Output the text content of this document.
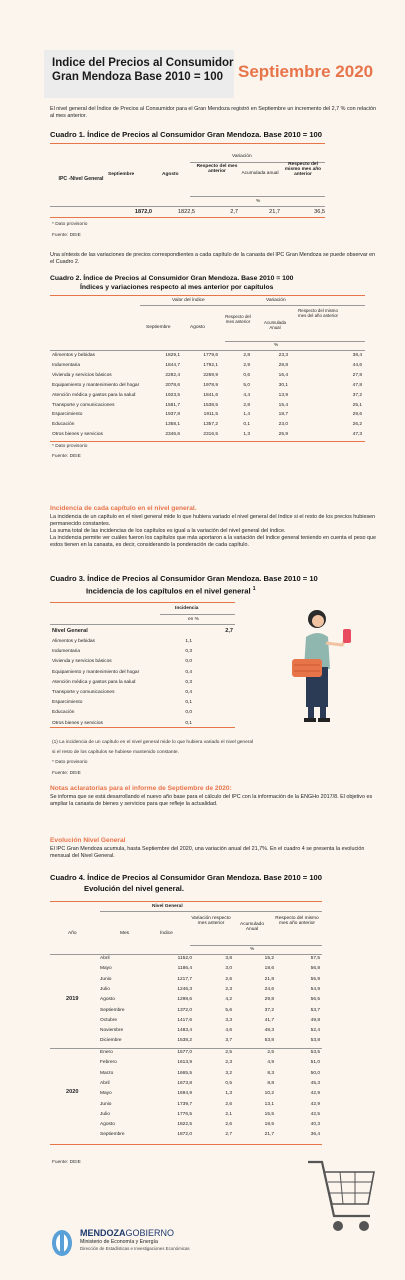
Indice del Precios al Consumidor
Gran Mendoza Base 2010 = 100 Septiembre 2020

El nivel general del Índice de Precios al Consumidor para el Gran Mendoza registró en Septiembre un incremento del 2,7 % con relación al mes anterior.

Cuadro 1. Índice de Precios al Consumidor Gran Mendoza. Base 2010 = 100
Variación
IPC -Nivel General
Septiembre	Agosto
Respecto del mes anterior	Acumulada anual
Respecto del mismo mes año anterior
%
1872,0	1822,5	2,7	21,7	36,5
* Dato provisorio
Fuente: DEIE

Una síntesis de las variaciones de precios correspondientes a cada capítulo de la canasta del IPC Gran Mendoza se puede observar en el Cuadro 2.

Cuadro 2. Índice de Precios al Consumidor Gran Mendoza. Base 2010 = 100
Índices y variaciones respecto al mes anterior por capítulos
Valor del índice	Variación
Septiembre	Agosto
Respecto del mes anterior	Acumulada Anual
Respecto del mismo mes del año anterior
%
Alimentos y bebidas	1829,1	1779,6	2,8	23,3	38,4
Indumentaria	1844,7	1792,1	2,9	28,8	44,6
Vivienda y servicios básicos	2282,4	2269,9	0,6	16,4	27,8
Equipamiento y mantenimiento del hogar	2078,6	1978,9	5,0	30,1	47,8
Atención médica y gastos para la salud	1923,5	1841,6	4,4	13,9	37,2
Transporte y comunicaciones	1581,7	1538,5	2,8	15,4	25,1
Esparcimiento	1937,8	1911,5	1,4	18,7	29,6
Educación	1358,1	1357,2	0,1	23,0	26,2
Otros bienes y servicios	2346,6	2316,5	1,3	25,9	47,3
* Dato provisorio
Fuente: DEIE
Incidencia de cada capítulo en el nivel general.

La incidencia de un capítulo en el nivel general mide lo que hubiera variado el nivel general del índice si el resto de los precios hubiesen permanecido constantes.

La suma total de las incidencias de los capítulos es igual a la variación del nivel general del índice.

La incidencia permite ver cuáles fueron los capítulos que más aportaron a la variación del índice general teniendo en cuenta el peso que estos tienen en la canasta, es decir, considerando la ponderación de cada capítulo.

Cuadro 3. Índice de Precios al Consumidor Gran Mendoza. Base 2010 = 10
Incidencia de los capítulos en el nivel general $^1$
Incidencia
en %
Nivel General	2,7
Alimentos y bebidas	1,1
Indumentaria	0,3
Vivienda y servicios básicos	0,0
Equipamiento y mantenimiento del hogar	0,4
Atención médica y gastos para la salud	0,3
Transporte y comunicaciones	0,4
Esparcimiento	0,1
Educación	0,0
Otros bienes y servicios	0,1
(1) La incidencia de un capítulo en el nivel general mide lo que hubiera variado el nivel general
si el resto de los capítulos se hubiese mantenido constante.
* Dato provisorio
Fuente: DEIE
Notas aclaratorias para el informe de Septiembre de 2020:

Se informa que se está desarrollando el nuevo año base para el cálculo del IPC con la información de la ENGHo 2017/8. El objetivo es ampliar la canasta de bienes y servicios para que refleje la actualidad.

Evolución Nivel General

El IPC Gran Mendoza acumula, hasta Septiembre del 2020, una variación anual del 21,7%. En el cuadro 4 se presenta la evolución mensual del Nivel General.

Cuadro 4. Índice de Precios al Consumidor Gran Mendoza. Base 2010 = 100
Evolución del nivel general.
Nivel General
Año	Mes	Índice
Variación respecto mes anterior	Acumulado Anual
Respecto del mismo mes año anterior
%
2019
2020
Abril	1152,0	3,8	15,2	57,5
Mayo	1186,4	3,0	18,6	56,8
Junio	1217,7	2,6	21,8	55,9
Julio	1246,3	2,3	24,6	54,9
Agosto	1298,6	4,2	29,8	56,5
Septiembre	1372,0	5,6	37,2	53,7
Octubre	1417,6	3,3	41,7	49,8
Noviembre	1483,4	4,6	48,3	52,4
Diciembre	1538,2	3,7	53,8	53,8
Enero	1577,0	2,5	2,5	53,5
Febrero	1613,9	2,3	4,9	51,0
Marzo	1665,5	3,2	8,3	50,0
Abril	1673,8	0,5	8,8	45,3
Mayo	1694,9	1,3	10,2	42,9
Junio	1739,7	2,6	13,1	42,9
Julio	1776,5	2,1	15,5	42,5
Agosto	1822,5	2,6	18,5	40,3
Septiembre	1872,0	2,7	21,7	36,4
Fuente: DEIE
MENDOZAGOBIERNO
Ministerio de Economía y Energía
Dirección de Estadísticas e Investigaciones Económicas
